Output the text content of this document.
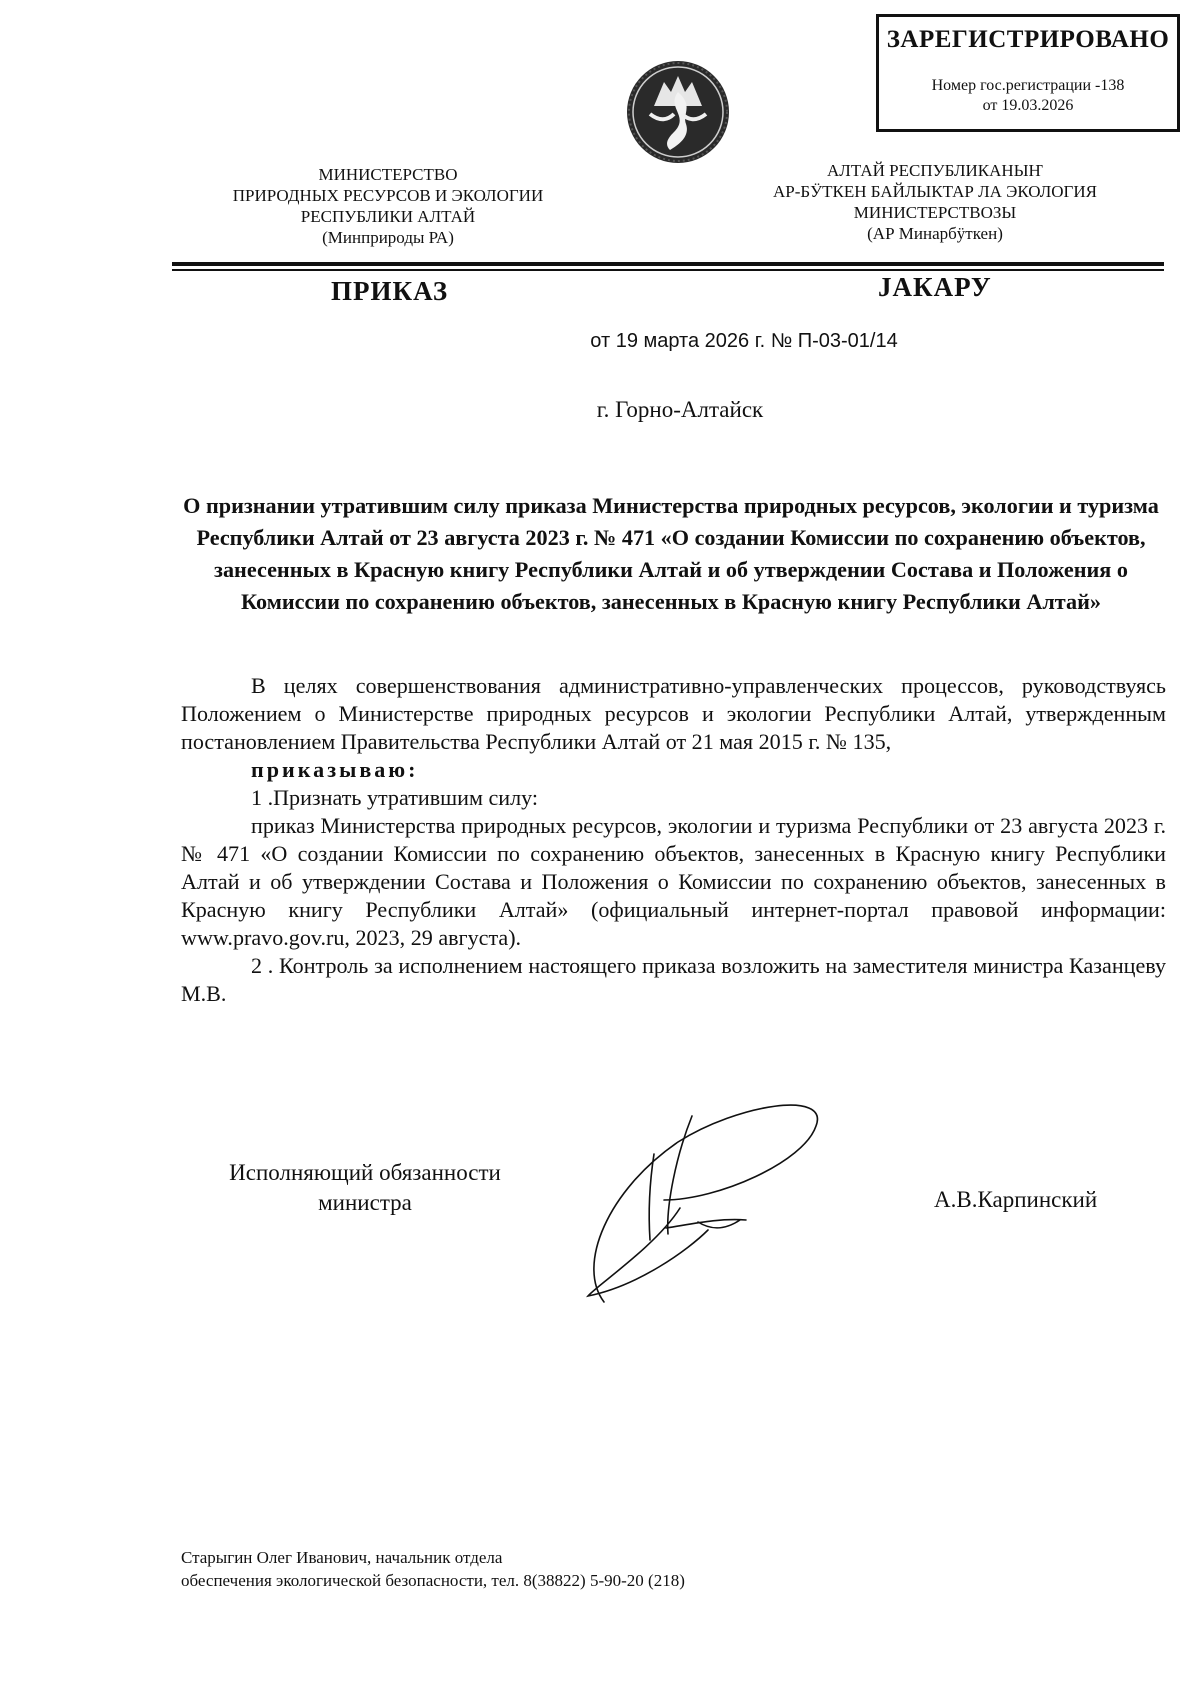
ЗАРЕГИСТРИРОВАНО
Номер гос.регистрации -138
от 19.03.2026
МИНИСТЕРСТВО
ПРИРОДНЫХ РЕСУРСОВ И ЭКОЛОГИИ
РЕСПУБЛИКИ АЛТАЙ
(Минприроды РА)
АЛТАЙ РЕСПУБЛИКАНЫҤ
АР-БӰТКЕН БАЙЛЫКТАР ЛА ЭКОЛОГИЯ
МИНИСТЕРСТВОЗЫ
(АР Минарбӱткен)
ПРИКАЗ	ЈАКАРУ
от 19 марта 2026 г. № П-03-01/14
г. Горно-Алтайск
О признании утратившим силу приказа Министерства природных ресурсов, экологии и туризма Республики Алтай от 23 августа 2023 г. № 471 «О создании Комиссии по сохранению объектов, занесенных в Красную книгу Республики Алтай и об утверждении Состава и Положения о Комиссии по сохранению объектов, занесенных в Красную книгу Республики Алтай»

В целях совершенствования административно-управленческих процессов, руководствуясь Положением о Министерстве природных ресурсов и экологии Республики Алтай, утвержденным постановлением Правительства Республики Алтай от 21 мая 2015 г. № 135,

приказываю:

1 .Признать утратившим силу:

приказ Министерства природных ресурсов, экологии и туризма Республики от 23 августа 2023 г. № 471 «О создании Комиссии по сохранению объектов, занесенных в Красную книгу Республики Алтай и об утверждении Состава и Положения о Комиссии по сохранению объектов, занесенных в Красную книгу Республики Алтай» (официальный интернет-портал правовой информации: www.pravo.gov.ru, 2023, 29 августа).

2 . Контроль за исполнением настоящего приказа возложить на заместителя министра Казанцеву М.В.

Исполняющий обязанности
министра	А.В.Карпинский
Старыгин Олег Иванович, начальник отдела
обеспечения экологической безопасности, тел. 8(38822) 5-90-20 (218)
